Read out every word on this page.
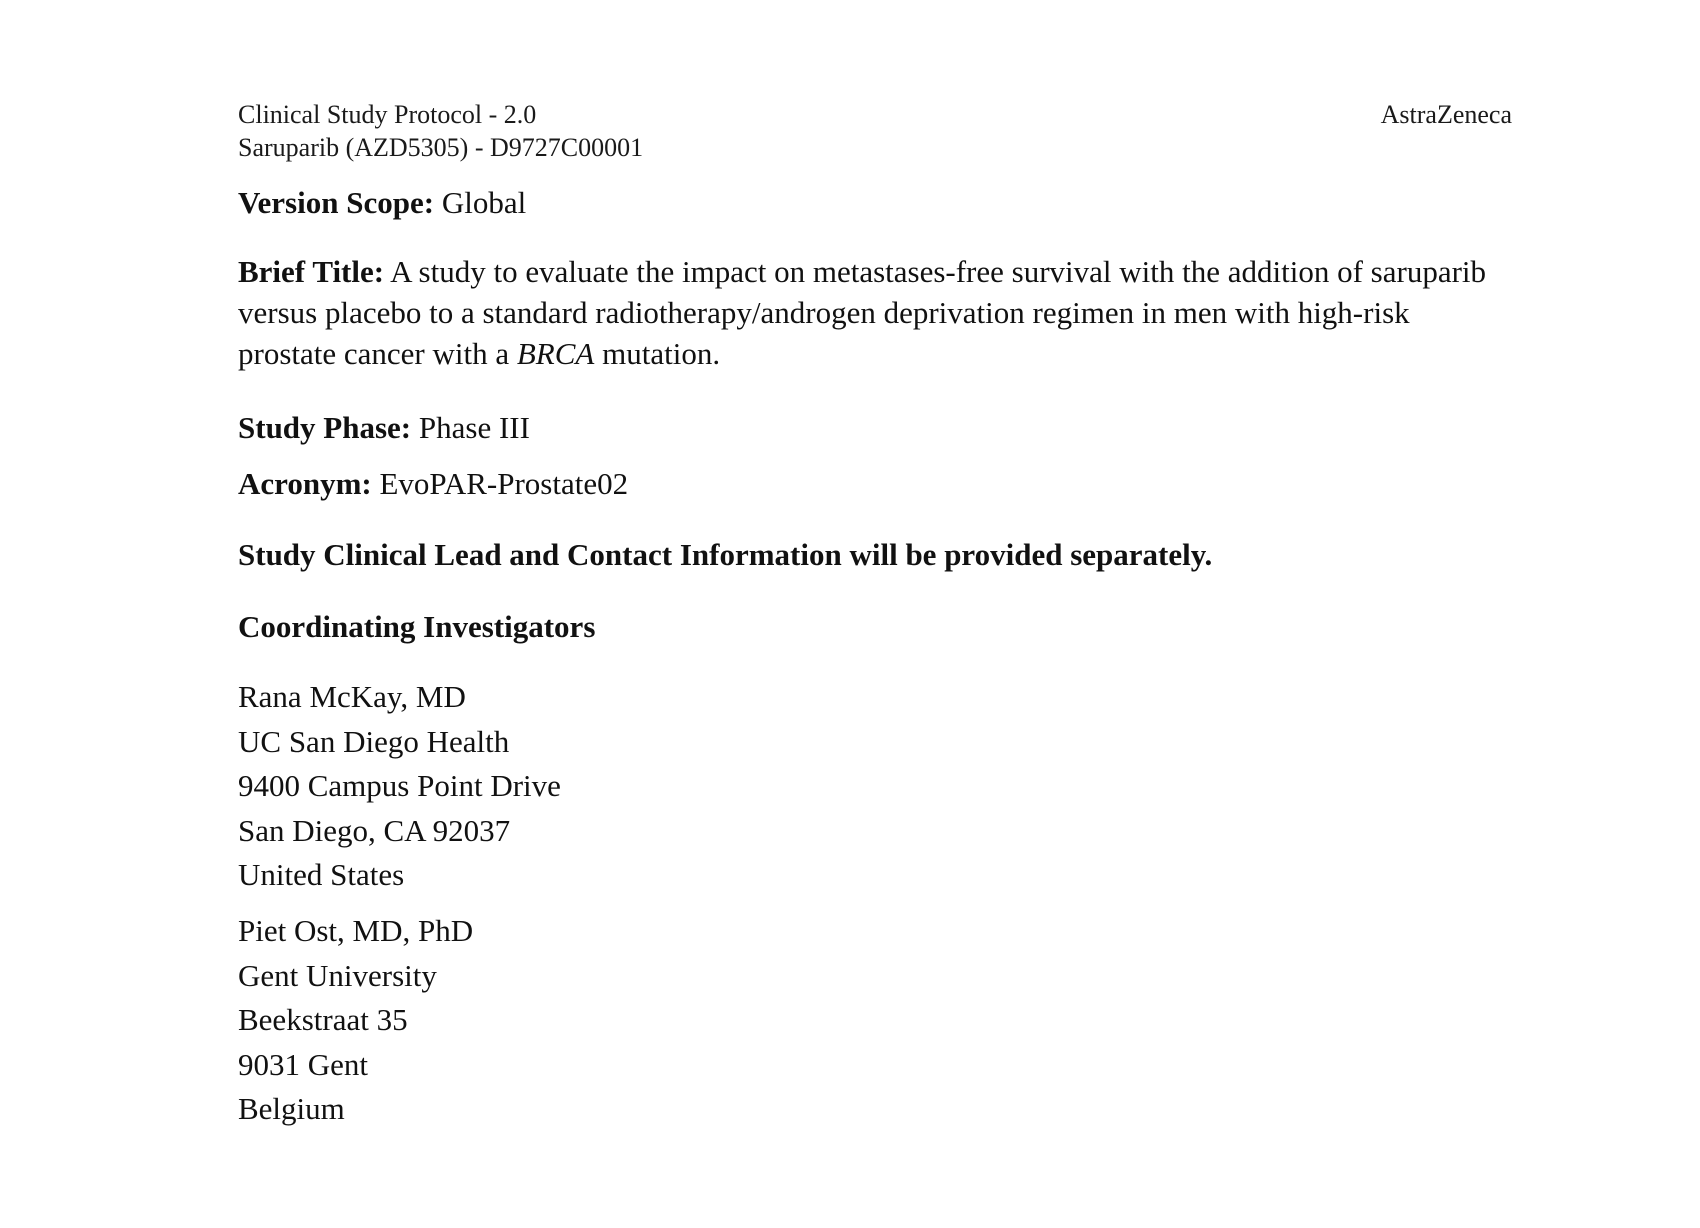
Clinical Study Protocol - 2.0
Saruparib (AZD5305) - D9727C00001
AstraZeneca
Version Scope: Global
Brief Title: A study to evaluate the impact on metastases-free survival with the addition of saruparib versus placebo to a standard radiotherapy/androgen deprivation regimen in men with high-risk prostate cancer with a BRCA mutation.
Study Phase: Phase III
Acronym: EvoPAR-Prostate02
Study Clinical Lead and Contact Information will be provided separately.
Coordinating Investigators
Rana McKay, MD
UC San Diego Health
9400 Campus Point Drive
San Diego, CA 92037
United States
Piet Ost, MD, PhD
Gent University
Beekstraat 35
9031 Gent
Belgium
